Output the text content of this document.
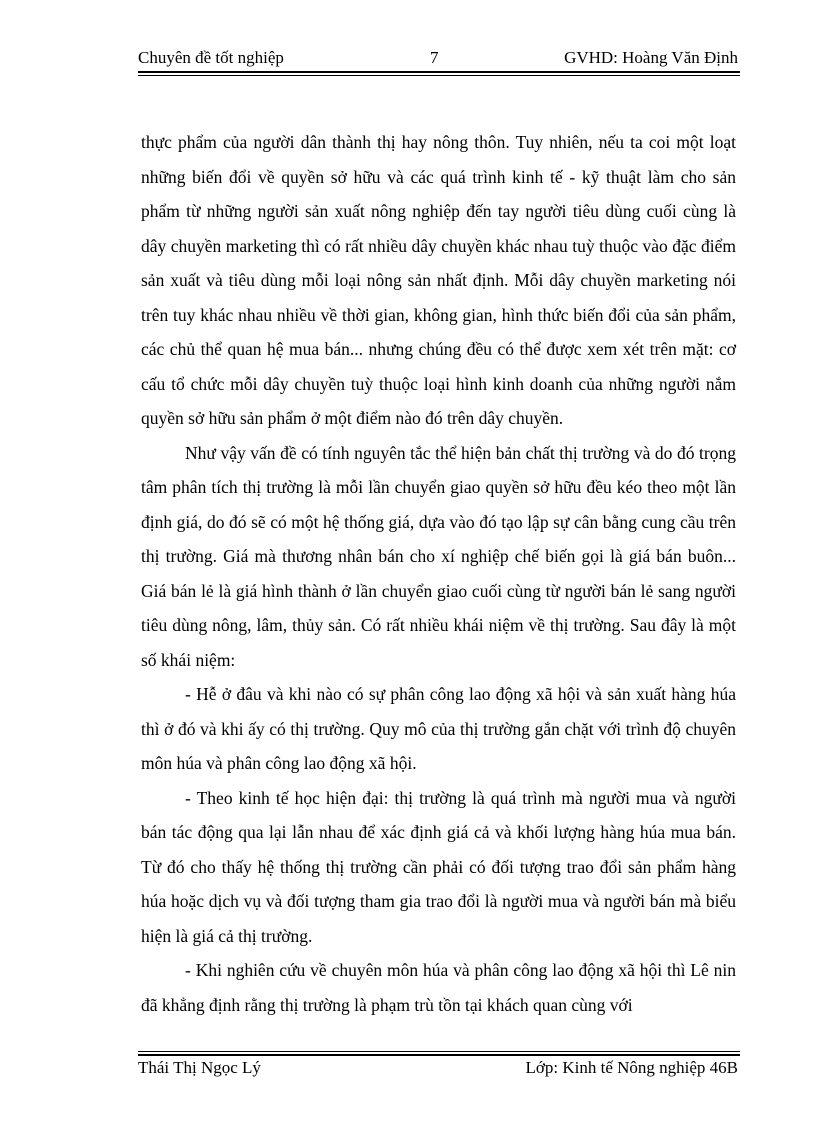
Chuyên đề tốt nghiệp	7	GVHD: Hoàng Văn Định

thực phẩm của người dân thành thị hay nông thôn. Tuy nhiên, nếu ta coi một loạt những biến đổi về quyền sở hữu và các quá trình kinh tế - kỹ thuật làm cho sản phẩm từ những người sản xuất nông nghiệp đến tay người tiêu dùng cuối cùng là dây chuyền marketing thì có rất nhiều dây chuyền khác nhau tuỳ thuộc vào đặc điểm sản xuất và tiêu dùng mỗi loại nông sản nhất định. Mỗi dây chuyền marketing nói trên tuy khác nhau nhiều về thời gian, không gian, hình thức biến đổi của sản phẩm, các chủ thể quan hệ mua bán... nhưng chúng đều có thể được xem xét trên mặt: cơ cấu tổ chức mỗi dây chuyền tuỳ thuộc loại hình kinh doanh của những người nắm quyền sở hữu sản phẩm ở một điểm nào đó trên dây chuyền.

Như vậy vấn đề có tính nguyên tắc thể hiện bản chất thị trường và do đó trọng tâm phân tích thị trường là mỗi lần chuyển giao quyền sở hữu đều kéo theo một lần định giá, do đó sẽ có một hệ thống giá, dựa vào đó tạo lập sự cân bằng cung cầu trên thị trường. Giá mà thương nhân bán cho xí nghiệp chế biến gọi là giá bán buôn... Giá bán lẻ là giá hình thành ở lần chuyển giao cuối cùng từ người bán lẻ sang người tiêu dùng nông, lâm, thủy sản. Có rất nhiều khái niệm về thị trường. Sau đây là một số khái niệm:

- Hễ ở đâu và khi nào có sự phân công lao động xã hội và sản xuất hàng húa thì ở đó và khi ấy có thị trường. Quy mô của thị trường gắn chặt với trình độ chuyên môn húa và phân công lao động xã hội.

- Theo kinh tế học hiện đại: thị trường là quá trình mà người mua và người bán tác động qua lại lẫn nhau để xác định giá cả và khối lượng hàng húa mua bán. Từ đó cho thấy hệ thống thị trường cần phải có đối tượng trao đổi sản phẩm hàng húa hoặc dịch vụ và đối tượng tham gia trao đổi là người mua và người bán mà biểu hiện là giá cả thị trường.

- Khi nghiên cứu về chuyên môn húa và phân công lao động xã hội thì Lê nin đã khẳng định rằng thị trường là phạm trù tồn tại khách quan cùng với

Thái Thị Ngọc Lý	Lớp: Kinh tế Nông nghiệp 46B
